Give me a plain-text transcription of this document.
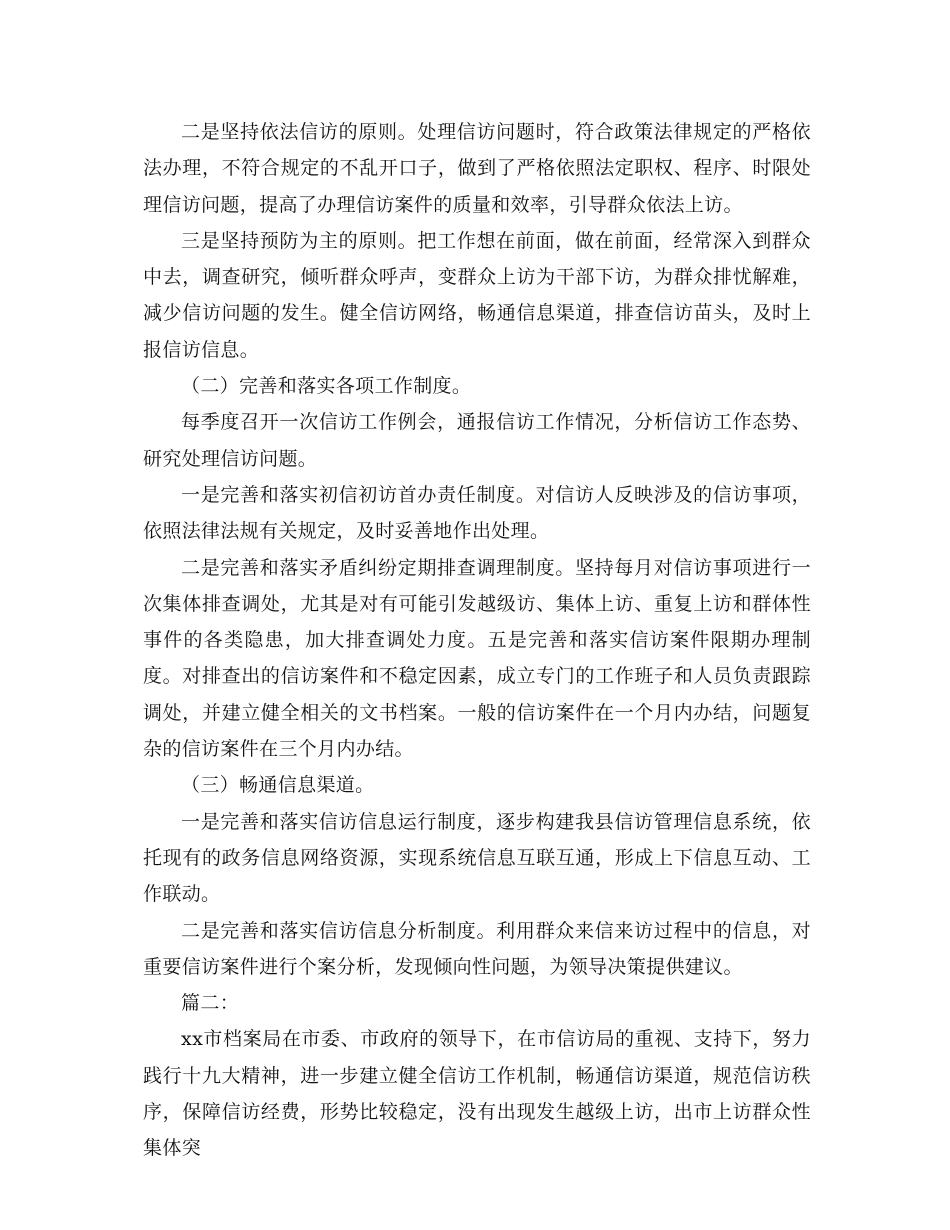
二是坚持依法信访的原则。处理信访问题时，符合政策法律规定的严格依法办理，不符合规定的不乱开口子，做到了严格依照法定职权、程序、时限处理信访问题，提高了办理信访案件的质量和效率，引导群众依法上访。

三是坚持预防为主的原则。把工作想在前面，做在前面，经常深入到群众中去，调查研究，倾听群众呼声，变群众上访为干部下访，为群众排忧解难，减少信访问题的发生。健全信访网络，畅通信息渠道，排查信访苗头，及时上报信访信息。

（二）完善和落实各项工作制度。

每季度召开一次信访工作例会，通报信访工作情况，分析信访工作态势、研究处理信访问题。

一是完善和落实初信初访首办责任制度。对信访人反映涉及的信访事项，依照法律法规有关规定，及时妥善地作出处理。

二是完善和落实矛盾纠纷定期排查调理制度。坚持每月对信访事项进行一次集体排查调处，尤其是对有可能引发越级访、集体上访、重复上访和群体性事件的各类隐患，加大排查调处力度。五是完善和落实信访案件限期办理制度。对排查出的信访案件和不稳定因素，成立专门的工作班子和人员负责跟踪调处，并建立健全相关的文书档案。一般的信访案件在一个月内办结，问题复杂的信访案件在三个月内办结。

（三）畅通信息渠道。

一是完善和落实信访信息运行制度，逐步构建我县信访管理信息系统，依托现有的政务信息网络资源，实现系统信息互联互通，形成上下信息互动、工作联动。

二是完善和落实信访信息分析制度。利用群众来信来访过程中的信息，对重要信访案件进行个案分析，发现倾向性问题，为领导决策提供建议。

篇二：

xx市档案局在市委、市政府的领导下，在市信访局的重视、支持下，努力践行十九大精神，进一步建立健全信访工作机制，畅通信访渠道，规范信访秩序，保障信访经费，形势比较稳定，没有出现发生越级上访，出市上访群众性集体突
